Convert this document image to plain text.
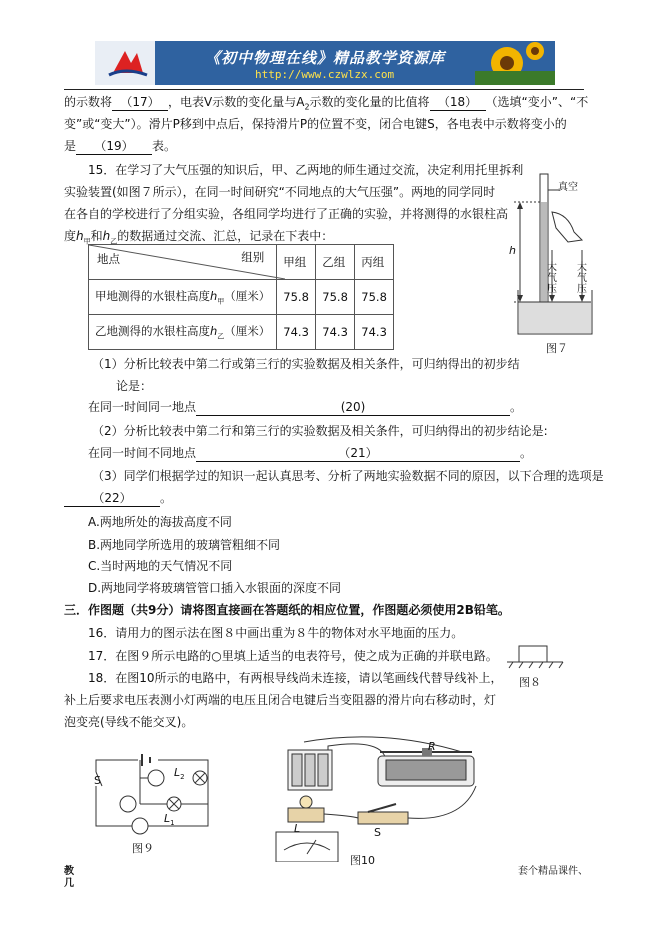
《初中物理在线》精品教学资源库
http://www.czwlzx.com
的示数将 （17） ，电表V示数的变化量与$A_2$示数的变化量的比值将 （18） （选填“变小”、“不
变”或“变大”）。滑片P移到中点后，保持滑片P的位置不变，闭合电键S，各电表中示数将变小的
是 （19） 表。
15．在学习了大气压强的知识后，甲、乙两地的师生通过交流，决定利用托里拆利
实验装置(如图７所示），在同一时间研究“不同地点的大气压强”。两地的同学同时
在各自的学校进行了分组实验，各组同学均进行了正确的实验，并将测得的水银柱高
度$h_甲$和$h_乙$的数据通过交流、汇总，记录在下表中：
组别
地点	甲组	乙组	丙组
甲地测得的水银柱高度$h_甲$（厘米）	75.8	75.8	75.8
乙地测得的水银柱高度$h_乙$（厘米）	74.3	74.3	74.3
真空
h
大气压
大气压
图７
（1）分析比较表中第二行或第三行的实验数据及相关条件，可归纳得出的初步结
论是：
在同一时间同一地点	(20)	。
（2）分析比较表中第二行和第三行的实验数据及相关条件，可归纳得出的初步结论是:
在同一时间不同地点	（21）	。
（3）同学们根据学过的知识一起认真思考、分析了两地实验数据不同的原因，以下合理的选项是
（22） 。
A.两地所处的海拔高度不同
B.两地同学所选用的玻璃管粗细不同
C.当时两地的天气情况不同
D.两地同学将玻璃管管口插入水银面的深度不同
三．作图题（共9分）请将图直接画在答题纸的相应位置，作图题必须使用2B铅笔。
16．请用力的图示法在图８中画出重为８牛的物体对水平地面的压力。
17．在图９所示电路的○里填上适当的电表符号，使之成为正确的并联电路。
18．在图10所示的电路中，有两根导线尚未连接，请以笔画线代替导线补上，
补上后要求电压表测小灯两端的电压且闭合电键后当变阻器的滑片向右移动时，灯
泡变亮(导线不能交叉)。
图８
S
$L_2$
$L_1$
图９
R
L	S
图10
教
几
套个精品课件、
